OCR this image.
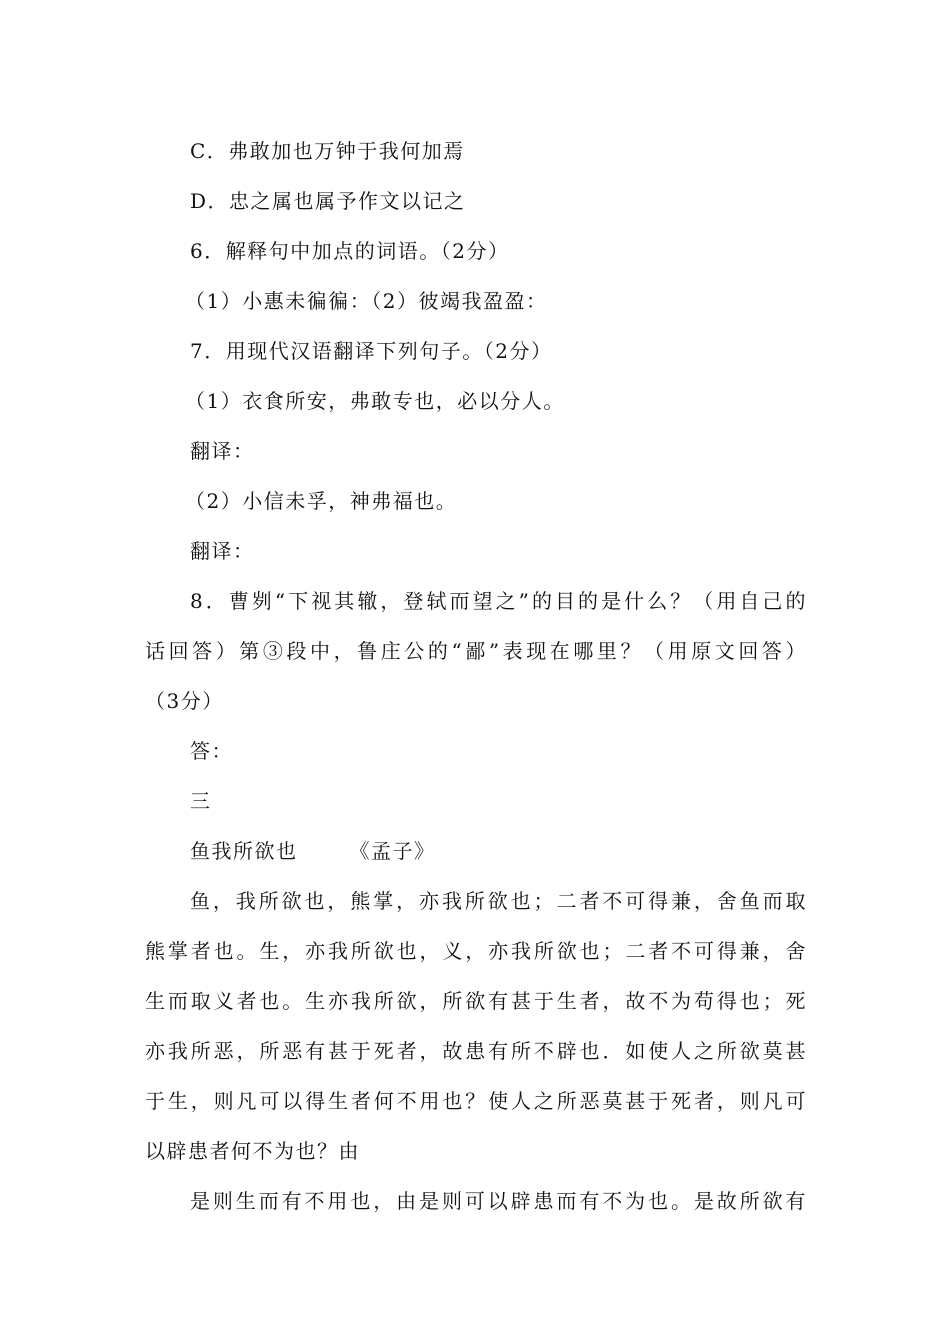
C．弗敢加也万钟于我何加焉
D．忠之属也属予作文以记之
6．解释句中加点的词语。（2分）
（1）小惠未徧徧：（2）彼竭我盈盈：
7．用现代汉语翻译下列句子。（2分）
（1）衣食所安，弗敢专也，必以分人。
翻译：
（2）小信未孚，神弗福也。
翻译：
8．曹刿“下视其辙，登轼而望之”的目的是什么？（用自己的
话回答）第③段中，鲁庄公的“鄙”表现在哪里？（用原文回答）
（3分）
答：
三
鱼我所欲也	《孟子》
鱼，我所欲也，熊掌，亦我所欲也；二者不可得兼，舍鱼而取
熊掌者也。生，亦我所欲也，义，亦我所欲也；二者不可得兼，舍
生而取义者也。生亦我所欲，所欲有甚于生者，故不为苟得也；死
亦我所恶，所恶有甚于死者，故患有所不辟也．如使人之所欲莫甚
于生，则凡可以得生者何不用也？使人之所恶莫甚于死者，则凡可
以辟患者何不为也？由
是则生而有不用也，由是则可以辟患而有不为也。是故所欲有
